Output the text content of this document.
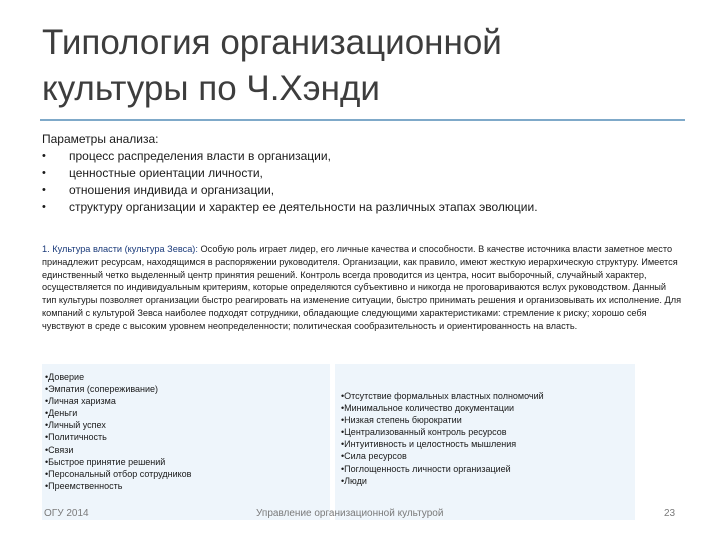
Типология организационной
культуры по Ч.Хэнди
Параметры анализа:
•	процесс распределения власти в организации,
•	ценностные ориентации личности,
•	отношения индивида и организации,
•	структуру организации и характер ее деятельности на различных этапах эволюции.
1. Культура власти (культура Зевса): Особую роль играет лидер, его личные качества и способности. В качестве источника власти заметное место принадлежит ресурсам, находящимся в распоряжении руководителя. Организации, как правило, имеют жесткую иерархическую структуру. Имеется единственный четко выделенный центр принятия решений. Контроль всегда проводится из центра, носит выборочный, случайный характер, осуществляется по индивидуальным критериям, которые определяются субъективно и никогда не проговариваются вслух руководством. Данный тип культуры позволяет организации быстро реагировать на изменение ситуации, быстро принимать решения и организовывать их исполнение. Для компаний с культурой Зевса наиболее подходят сотрудники, обладающие следующими характеристиками: стремление к риску; хорошо себя чувствуют в среде с высоким уровнем неопределенности; политическая сообразительность и ориентированность на власть.
•Доверие
•Эмпатия (сопереживание)
•Личная харизма
•Деньги
•Личный успех
•Политичность
•Связи
•Быстрое принятие решений
•Персональный отбор сотрудников
•Преемственность
•Отсутствие формальных властных полномочий
•Минимальное количество документации
•Низкая степень бюрократии
•Централизованный контроль ресурсов
•Интуитивность и целостность мышления
•Сила ресурсов
•Поглощенность личности организацией
•Люди
ОГУ 2014	Управление организационной культурой	23
